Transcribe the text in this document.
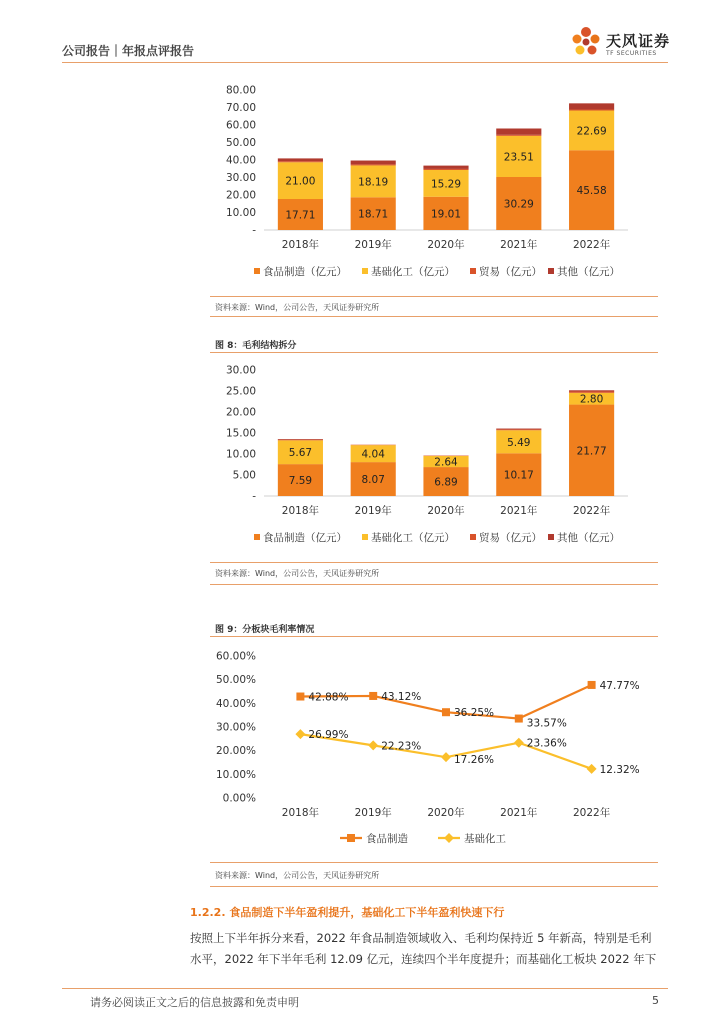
公司报告｜年报点评报告
天风证券
TF SECURITIES
-
10.00
20.00
30.00
40.00
50.00
60.00
70.00
80.00
17.71
21.00
2018年
18.71
18.19
2019年
19.01
15.29
2020年
30.29
23.51
2021年
45.58
22.69
2022年
食品制造（亿元） 基础化工（亿元） 贸易（亿元） 其他（亿元）
资料来源：Wind，公司公告，天风证券研究所
图 8：毛利结构拆分
-
5.00
10.00
15.00
20.00
25.00
30.00
7.59
5.67
2018年
8.07
4.04
2019年
6.89
2.64
2020年
10.17
5.49
2021年
21.77
2.80
2022年
食品制造（亿元） 基础化工（亿元） 贸易（亿元） 其他（亿元）
资料来源：Wind，公司公告，天风证券研究所
图 9：分板块毛利率情况
0.00%
10.00%
20.00%
30.00%
40.00%
50.00%
60.00%
2018年	2019年	2020年	2021年	2022年
42.88%	43.12%
36.25%
33.57%
47.77%
26.99%
22.23%
17.26%
23.36%
12.32%
食品制造	基础化工
资料来源：Wind，公司公告，天风证券研究所
1.2.2. 食品制造下半年盈利提升，基础化工下半年盈利快速下行
按照上下半年拆分来看，2022 年食品制造领域收入、毛利均保持近 5 年新高，特别是毛利
水平，2022 年下半年毛利 12.09 亿元，连续四个半年度提升；而基础化工板块 2022 年下
请务必阅读正文之后的信息披露和免责申明	5
